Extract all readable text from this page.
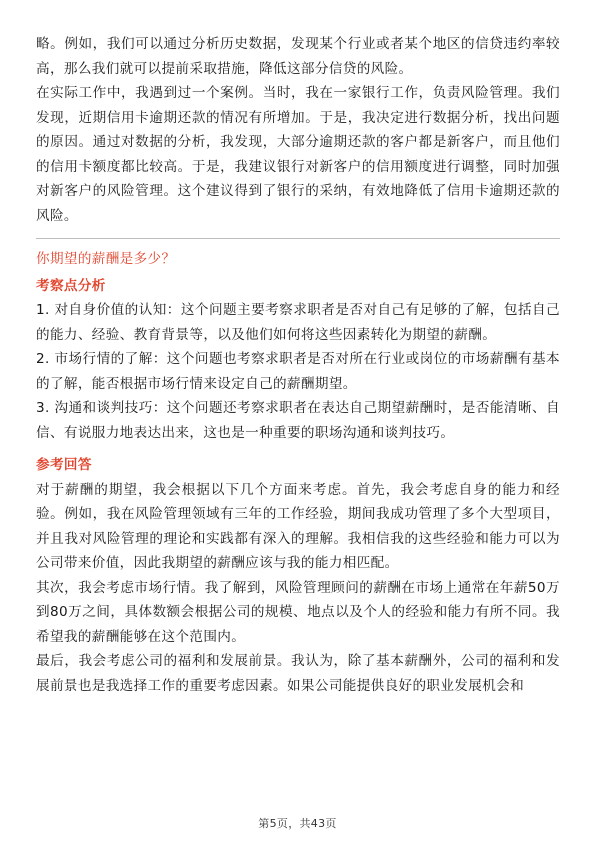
略。例如，我们可以通过分析历史数据，发现某个行业或者某个地区的信贷违约率较高，那么我们就可以提前采取措施，降低这部分信贷的风险。

在实际工作中，我遇到过一个案例。当时，我在一家银行工作，负责风险管理。我们发现，近期信用卡逾期还款的情况有所增加。于是，我决定进行数据分析，找出问题的原因。通过对数据的分析，我发现，大部分逾期还款的客户都是新客户，而且他们的信用卡额度都比较高。于是，我建议银行对新客户的信用额度进行调整，同时加强对新客户的风险管理。这个建议得到了银行的采纳，有效地降低了信用卡逾期还款的风险。

你期望的薪酬是多少？

考察点分析

1. 对自身价值的认知：这个问题主要考察求职者是否对自己有足够的了解，包括自己的能力、经验、教育背景等，以及他们如何将这些因素转化为期望的薪酬。

2. 市场行情的了解：这个问题也考察求职者是否对所在行业或岗位的市场薪酬有基本的了解，能否根据市场行情来设定自己的薪酬期望。

3. 沟通和谈判技巧：这个问题还考察求职者在表达自己期望薪酬时，是否能清晰、自信、有说服力地表达出来，这也是一种重要的职场沟通和谈判技巧。

参考回答

对于薪酬的期望，我会根据以下几个方面来考虑。首先，我会考虑自身的能力和经验。例如，我在风险管理领域有三年的工作经验，期间我成功管理了多个大型项目，并且我对风险管理的理论和实践都有深入的理解。我相信我的这些经验和能力可以为公司带来价值，因此我期望的薪酬应该与我的能力相匹配。

其次，我会考虑市场行情。我了解到，风险管理顾问的薪酬在市场上通常在年薪50万到80万之间，具体数额会根据公司的规模、地点以及个人的经验和能力有所不同。我希望我的薪酬能够在这个范围内。

最后，我会考虑公司的福利和发展前景。我认为，除了基本薪酬外，公司的福利和发展前景也是我选择工作的重要考虑因素。如果公司能提供良好的职业发展机会和

第5页，共43页
